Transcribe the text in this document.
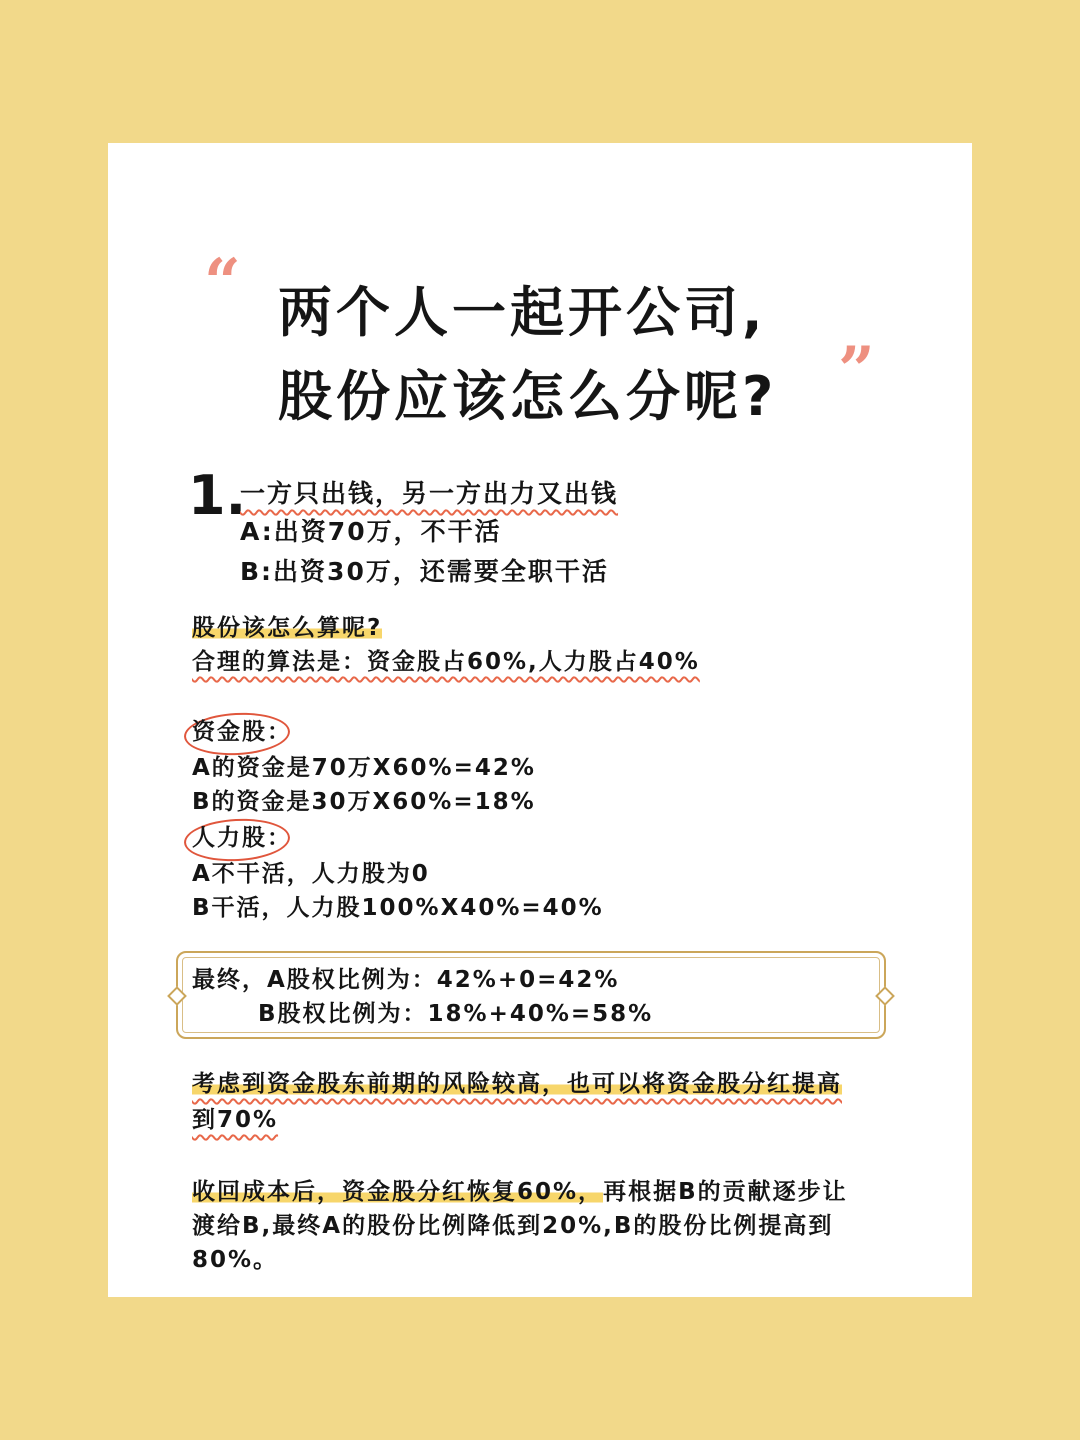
“
”
两个人一起开公司,
股份应该怎么分呢?
1.
一方只出钱，另一方出力又出钱
A:出资70万，不干活
B:出资30万，还需要全职干活
股份该怎么算呢?
合理的算法是：资金股占60%,人力股占40%
资金股：
A的资金是70万X60%=42%
B的资金是30万X60%=18%
人力股：
A不干活，人力股为0
B干活，人力股100%X40%=40%
最终，A股权比例为：42%+0=42%
B股权比例为：18%+40%=58%
考虑到资金股东前期的风险较高，也可以将资金股分红提高
到70%
收回成本后，资金股分红恢复60%，再根据B的贡献逐步让
渡给B,最终A的股份比例降低到20%,B的股份比例提高到
80%。
